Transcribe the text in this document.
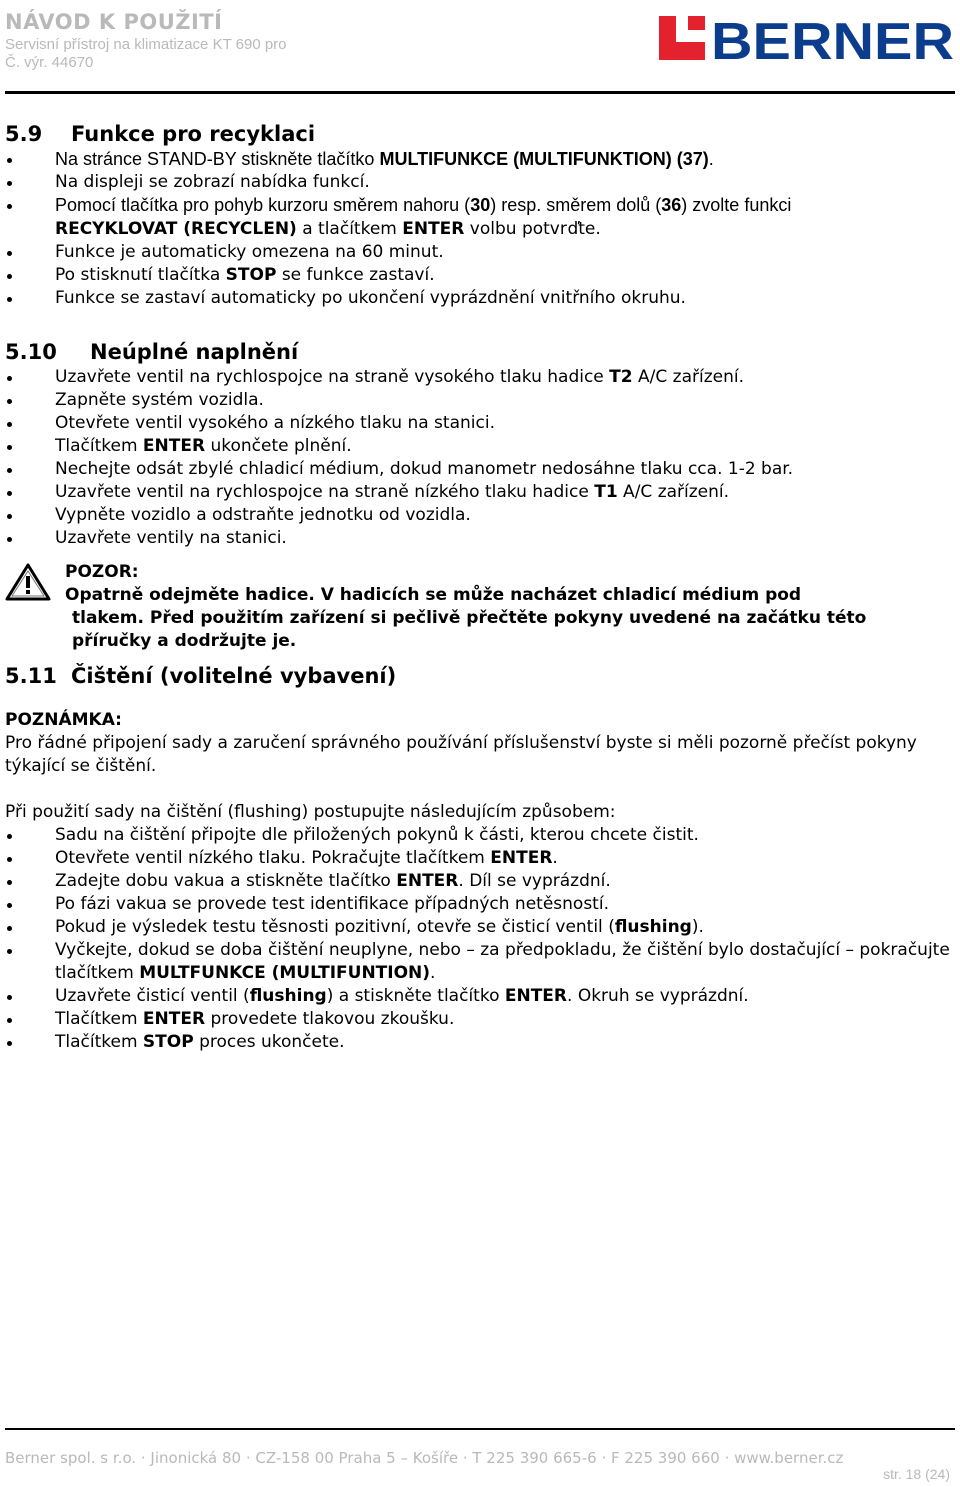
NÁVOD K POUŽITÍ
Servisní přístroj na klimatizace KT 690 pro
Č. výr. 44670	BERNER
5.9 Funkce pro recyklaci
Na stránce STAND-BY stiskněte tlačítko MULTIFUNKCE (MULTIFUNKTION) (37).
Na displeji se zobrazí nabídka funkcí.
Pomocí tlačítka pro pohyb kurzoru směrem nahoru (30) resp. směrem dolů (36) zvolte funkci
RECYKLOVAT (RECYCLEN) a tlačítkem ENTER volbu potvrďte.
Funkce je automaticky omezena na 60 minut.
Po stisknutí tlačítka STOP se funkce zastaví.
Funkce se zastaví automaticky po ukončení vyprázdnění vnitřního okruhu.
5.10 Neúplné naplnění
Uzavřete ventil na rychlospojce na straně vysokého tlaku hadice T2 A/C zařízení.
Zapněte systém vozidla.
Otevřete ventil vysokého a nízkého tlaku na stanici.
Tlačítkem ENTER ukončete plnění.
Nechejte odsát zbylé chladicí médium, dokud manometr nedosáhne tlaku cca. 1-2 bar.
Uzavřete ventil na rychlospojce na straně nízkého tlaku hadice T1 A/C zařízení.
Vypněte vozidlo a odstraňte jednotku od vozidla.
Uzavřete ventily na stanici.
POZOR:
Opatrně odejměte hadice. V hadicích se může nacházet chladicí médium pod
tlakem. Před použitím zařízení si pečlivě přečtěte pokyny uvedené na začátku této
příručky a dodržujte je.
5.11 Čištění (volitelné vybavení)

POZNÁMKA:

Pro řádné připojení sady a zaručení správného používání příslušenství byste si měli pozorně přečíst pokyny týkající se čištění.

Při použití sady na čištění (flushing) postupujte následujícím způsobem:

Sadu na čištění připojte dle přiložených pokynů k části, kterou chcete čistit.
Otevřete ventil nízkého tlaku. Pokračujte tlačítkem ENTER.
Zadejte dobu vakua a stiskněte tlačítko ENTER. Díl se vyprázdní.
Po fázi vakua se provede test identifikace případných netěsností.
Pokud je výsledek testu těsnosti pozitivní, otevře se čisticí ventil (flushing).
Vyčkejte, dokud se doba čištění neuplyne, nebo – za předpokladu, že čištění bylo dostačující – pokračujte tlačítkem MULTFUNKCE (MULTIFUNTION).
Uzavřete čisticí ventil (flushing) a stiskněte tlačítko ENTER. Okruh se vyprázdní.
Tlačítkem ENTER provedete tlakovou zkoušku.
Tlačítkem STOP proces ukončete.
Berner spol. s r.o. · Jinonická 80 · CZ-158 00 Praha 5 – Košíře · T 225 390 665-6 · F 225 390 660 · www.berner.cz
str. 18 (24)
